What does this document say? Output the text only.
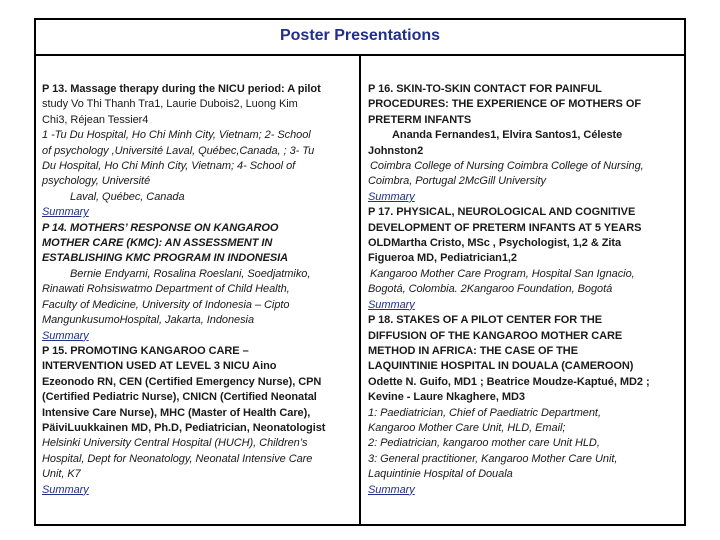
Poster Presentations
P 13. Massage therapy during the NICU period: A pilot
study Vo Thi Thanh Tra1, Laurie Dubois2, Luong Kim
Chi3, Réjean Tessier4
1 -Tu Du Hospital, Ho Chi Minh City, Vietnam; 2- School
of psychology ,Université Laval, Québec,Canada, ; 3- Tu
Du Hospital, Ho Chi Minh City, Vietnam; 4- School of
psychology, Université
Laval, Québec, Canada
Summary
P 14. MOTHERS’ RESPONSE ON KANGAROO
MOTHER CARE (KMC): AN ASSESSMENT IN
ESTABLISHING KMC PROGRAM IN INDONESIA
Bernie Endyarni, Rosalina Roeslani, Soedjatmiko,
Rinawati Rohsiswatmo Department of Child Health,
Faculty of Medicine, University of Indonesia – Cipto
MangunkusumoHospital, Jakarta, Indonesia
Summary
P 15. PROMOTING KANGAROO CARE –
INTERVENTION USED AT LEVEL 3 NICU Aino
Ezeonodo RN, CEN (Certified Emergency Nurse), CPN
(Certified Pediatric Nurse), CNICN (Certified Neonatal
Intensive Care Nurse), MHC (Master of Health Care),
PäiviLuukkainen MD, Ph.D, Pediatrician, Neonatologist
Helsinki University Central Hospital (HUCH), Children’s
Hospital, Dept for Neonatology, Neonatal Intensive Care
Unit, K7
Summary
P 16. SKIN-TO-SKIN CONTACT FOR PAINFUL
PROCEDURES: THE EXPERIENCE OF MOTHERS OF
PRETERM INFANTS
Ananda Fernandes1, Elvira Santos1, Céleste
Johnston2
Coimbra College of Nursing Coimbra College of Nursing,
Coimbra, Portugal 2McGill University
Summary
P 17. PHYSICAL, NEUROLOGICAL AND COGNITIVE
DEVELOPMENT OF PRETERM INFANTS AT 5 YEARS
OLDMartha Cristo, MSc , Psychologist, 1,2 & Zita
Figueroa MD, Pediatrician1,2
Kangaroo Mother Care Program, Hospital San Ignacio,
Bogotá, Colombia. 2Kangaroo Foundation, Bogotá
Summary
P 18. STAKES OF A PILOT CENTER FOR THE
DIFFUSION OF THE KANGAROO MOTHER CARE
METHOD IN AFRICA: THE CASE OF THE
LAQUINTINIE HOSPITAL IN DOUALA (CAMEROON)
Odette N. Guifo, MD1 ; Beatrice Moudze-Kaptué, MD2 ;
Kevine - Laure Nkaghere, MD3
1: Paediatrician, Chief of Paediatric Department,
Kangaroo Mother Care Unit, HLD, Email;
2: Pediatrician, kangaroo mother care Unit HLD,
3: General practitioner, Kangaroo Mother Care Unit,
Laquintinie Hospital of Douala
Summary
